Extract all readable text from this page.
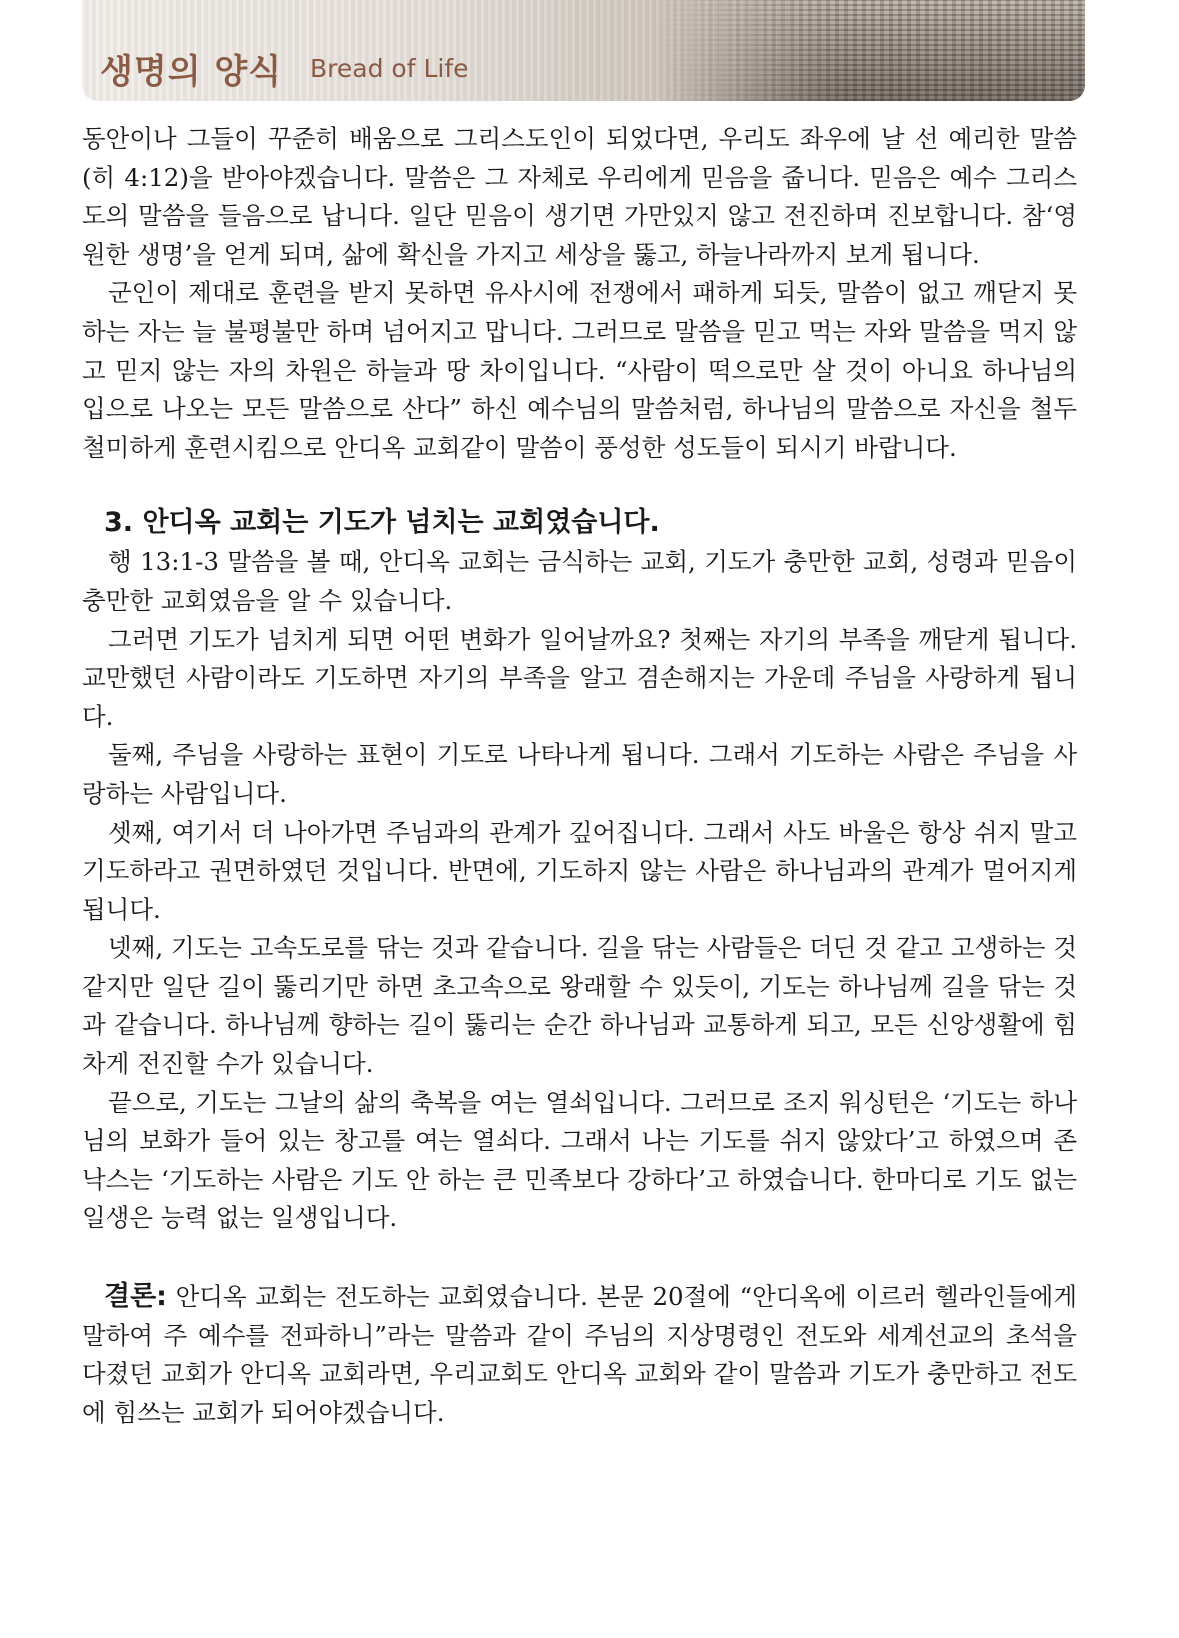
생명의 양식 Bread of Life

동안이나 그들이 꾸준히 배움으로 그리스도인이 되었다면, 우리도 좌우에 날 선 예리한 말씀(히 4:12)을 받아야겠습니다. 말씀은 그 자체로 우리에게 믿음을 줍니다. 믿음은 예수 그리스도의 말씀을 들음으로 납니다. 일단 믿음이 생기면 가만있지 않고 전진하며 진보합니다. 참‘영원한 생명’을 얻게 되며, 삶에 확신을 가지고 세상을 뚫고, 하늘나라까지 보게 됩니다.

군인이 제대로 훈련을 받지 못하면 유사시에 전쟁에서 패하게 되듯, 말씀이 없고 깨닫지 못하는 자는 늘 불평불만 하며 넘어지고 맙니다. 그러므로 말씀을 믿고 먹는 자와 말씀을 먹지 않고 믿지 않는 자의 차원은 하늘과 땅 차이입니다. “사람이 떡으로만 살 것이 아니요 하나님의 입으로 나오는 모든 말씀으로 산다” 하신 예수님의 말씀처럼, 하나님의 말씀으로 자신을 철두철미하게 훈련시킴으로 안디옥 교회같이 말씀이 풍성한 성도들이 되시기 바랍니다.

3. 안디옥 교회는 기도가 넘치는 교회였습니다.

행 13:1-3 말씀을 볼 때, 안디옥 교회는 금식하는 교회, 기도가 충만한 교회, 성령과 믿음이 충만한 교회였음을 알 수 있습니다.

그러면 기도가 넘치게 되면 어떤 변화가 일어날까요? 첫째는 자기의 부족을 깨닫게 됩니다. 교만했던 사람이라도 기도하면 자기의 부족을 알고 겸손해지는 가운데 주님을 사랑하게 됩니다.

둘째, 주님을 사랑하는 표현이 기도로 나타나게 됩니다. 그래서 기도하는 사람은 주님을 사랑하는 사람입니다.

셋째, 여기서 더 나아가면 주님과의 관계가 깊어집니다. 그래서 사도 바울은 항상 쉬지 말고 기도하라고 권면하였던 것입니다. 반면에, 기도하지 않는 사람은 하나님과의 관계가 멀어지게 됩니다.

넷째, 기도는 고속도로를 닦는 것과 같습니다. 길을 닦는 사람들은 더딘 것 같고 고생하는 것 같지만 일단 길이 뚫리기만 하면 초고속으로 왕래할 수 있듯이, 기도는 하나님께 길을 닦는 것과 같습니다. 하나님께 향하는 길이 뚫리는 순간 하나님과 교통하게 되고, 모든 신앙생활에 힘차게 전진할 수가 있습니다.

끝으로, 기도는 그날의 삶의 축복을 여는 열쇠입니다. 그러므로 조지 워싱턴은 ‘기도는 하나님의 보화가 들어 있는 창고를 여는 열쇠다. 그래서 나는 기도를 쉬지 않았다’고 하였으며 존 낙스는 ‘기도하는 사람은 기도 안 하는 큰 민족보다 강하다’고 하였습니다. 한마디로 기도 없는 일생은 능력 없는 일생입니다.

결론: 안디옥 교회는 전도하는 교회였습니다. 본문 20절에 “안디옥에 이르러 헬라인들에게 말하여 주 예수를 전파하니”라는 말씀과 같이 주님의 지상명령인 전도와 세계선교의 초석을 다졌던 교회가 안디옥 교회라면, 우리교회도 안디옥 교회와 같이 말씀과 기도가 충만하고 전도에 힘쓰는 교회가 되어야겠습니다.
